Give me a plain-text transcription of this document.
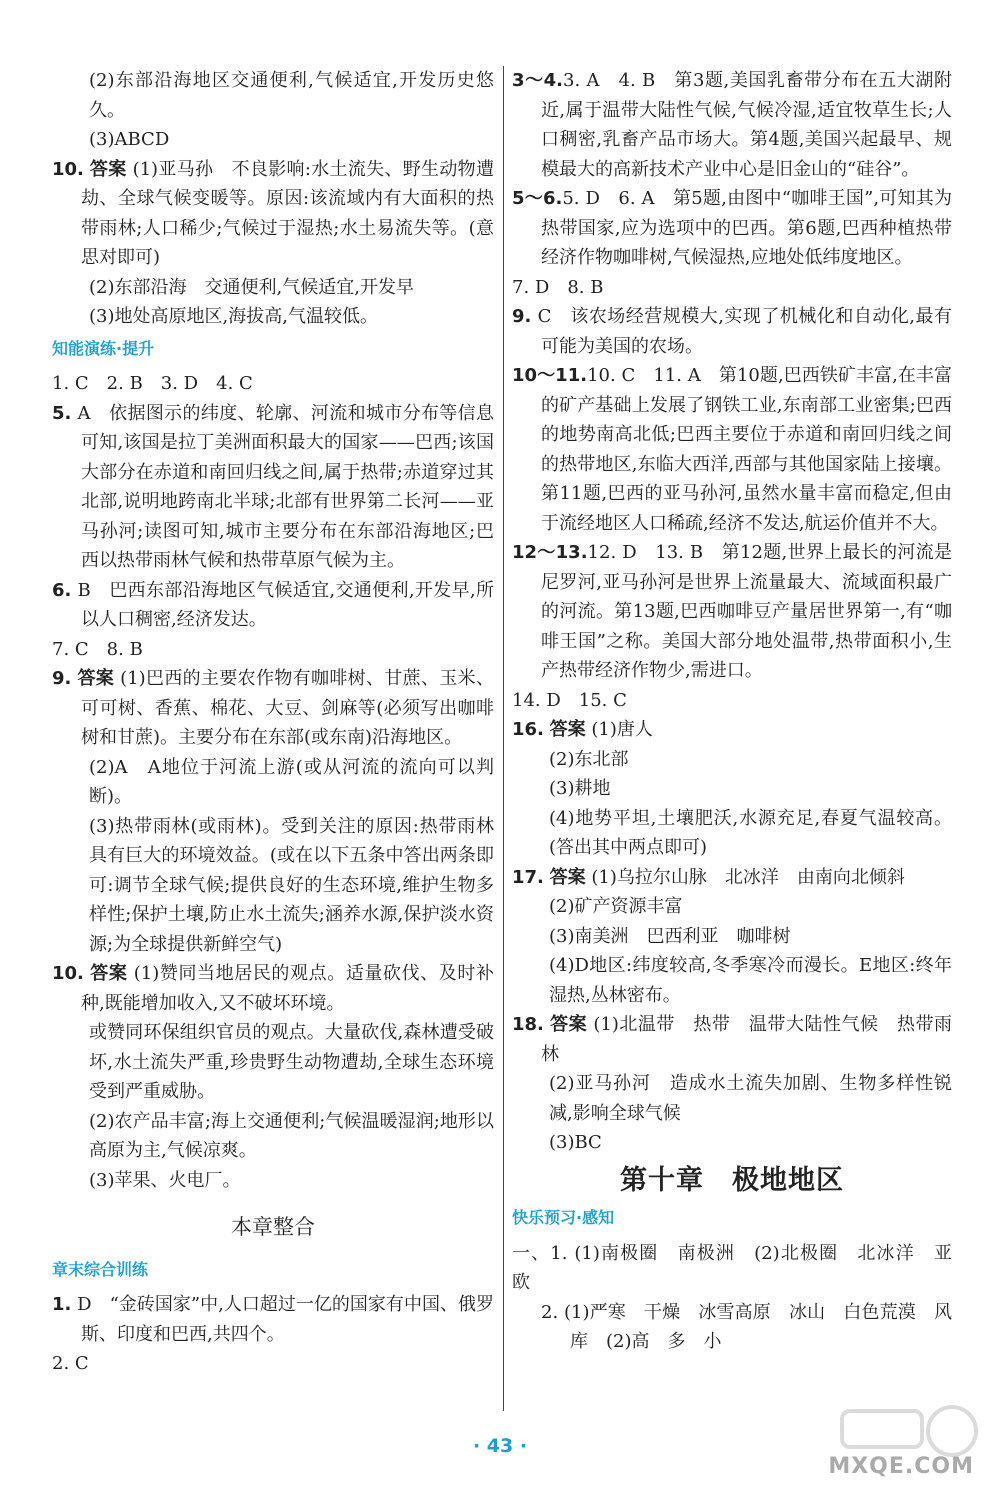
(2)东部沿海地区交通便利,气候适宜,开发历史悠久。

(3)ABCD

10. 答案 (1)亚马孙　不良影响:水土流失、野生动物遭劫、全球气候变暖等。原因:该流域内有大面积的热带雨林;人口稀少;气候过于湿热;水土易流失等。(意思对即可)

(2)东部沿海　交通便利,气候适宜,开发早

(3)地处高原地区,海拔高,气温较低。

知能演练·提升

1. C　2. B　3. D　4. C

5. A　依据图示的纬度、轮廓、河流和城市分布等信息可知,该国是拉丁美洲面积最大的国家——巴西;该国大部分在赤道和南回归线之间,属于热带;赤道穿过其北部,说明地跨南北半球;北部有世界第二长河——亚马孙河;读图可知,城市主要分布在东部沿海地区;巴西以热带雨林气候和热带草原气候为主。

6. B　巴西东部沿海地区气候适宜,交通便利,开发早,所以人口稠密,经济发达。

7. C　8. B

9. 答案 (1)巴西的主要农作物有咖啡树、甘蔗、玉米、可可树、香蕉、棉花、大豆、剑麻等(必须写出咖啡树和甘蔗)。主要分布在东部(或东南)沿海地区。

(2)A　A地位于河流上游(或从河流的流向可以判断)。

(3)热带雨林(或雨林)。受到关注的原因:热带雨林具有巨大的环境效益。(或在以下五条中答出两条即可:调节全球气候;提供良好的生态环境,维护生物多样性;保护土壤,防止水土流失;涵养水源,保护淡水资源;为全球提供新鲜空气)

10. 答案 (1)赞同当地居民的观点。适量砍伐、及时补种,既能增加收入,又不破坏环境。

或赞同环保组织官员的观点。大量砍伐,森林遭受破坏,水土流失严重,珍贵野生动物遭劫,全球生态环境受到严重威胁。

(2)农产品丰富;海上交通便利;气候温暖湿润;地形以高原为主,气候凉爽。

(3)苹果、火电厂。

本章整合
章末综合训练

1. D　“金砖国家”中,人口超过一亿的国家有中国、俄罗斯、印度和巴西,共四个。

2. C

3～4.3. A　4. B　第3题,美国乳畜带分布在五大湖附近,属于温带大陆性气候,气候冷湿,适宜牧草生长;人口稠密,乳畜产品市场大。第4题,美国兴起最早、规模最大的高新技术产业中心是旧金山的“硅谷”。

5～6.5. D　6. A　第5题,由图中“咖啡王国”,可知其为热带国家,应为选项中的巴西。第6题,巴西种植热带经济作物咖啡树,气候湿热,应地处低纬度地区。

7. D　8. B

9. C　该农场经营规模大,实现了机械化和自动化,最有可能为美国的农场。

10～11.10. C　11. A　第10题,巴西铁矿丰富,在丰富的矿产基础上发展了钢铁工业,东南部工业密集;巴西的地势南高北低;巴西主要位于赤道和南回归线之间的热带地区,东临大西洋,西部与其他国家陆上接壤。第11题,巴西的亚马孙河,虽然水量丰富而稳定,但由于流经地区人口稀疏,经济不发达,航运价值并不大。

12～13.12. D　13. B　第12题,世界上最长的河流是尼罗河,亚马孙河是世界上流量最大、流域面积最广的河流。第13题,巴西咖啡豆产量居世界第一,有“咖啡王国”之称。美国大部分地处温带,热带面积小,生产热带经济作物少,需进口。

14. D　15. C

16. 答案 (1)唐人

(2)东北部

(3)耕地

(4)地势平坦,土壤肥沃,水源充足,春夏气温较高。(答出其中两点即可)

17. 答案 (1)乌拉尔山脉　北冰洋　由南向北倾斜

(2)矿产资源丰富

(3)南美洲　巴西利亚　咖啡树

(4)D地区:纬度较高,冬季寒冷而漫长。E地区:终年湿热,丛林密布。

18. 答案 (1)北温带　热带　温带大陆性气候　热带雨林

(2)亚马孙河　造成水土流失加剧、生物多样性锐减,影响全球气候

(3)BC

第十章　极地地区
快乐预习·感知

一、1. (1)南极圈　南极洲　(2)北极圈　北冰洋　亚　欧

2. (1)严寒　干燥　冰雪高原　冰山　白色荒漠　风库　(2)高　多　小

· 43 ·
MXQE.COM
